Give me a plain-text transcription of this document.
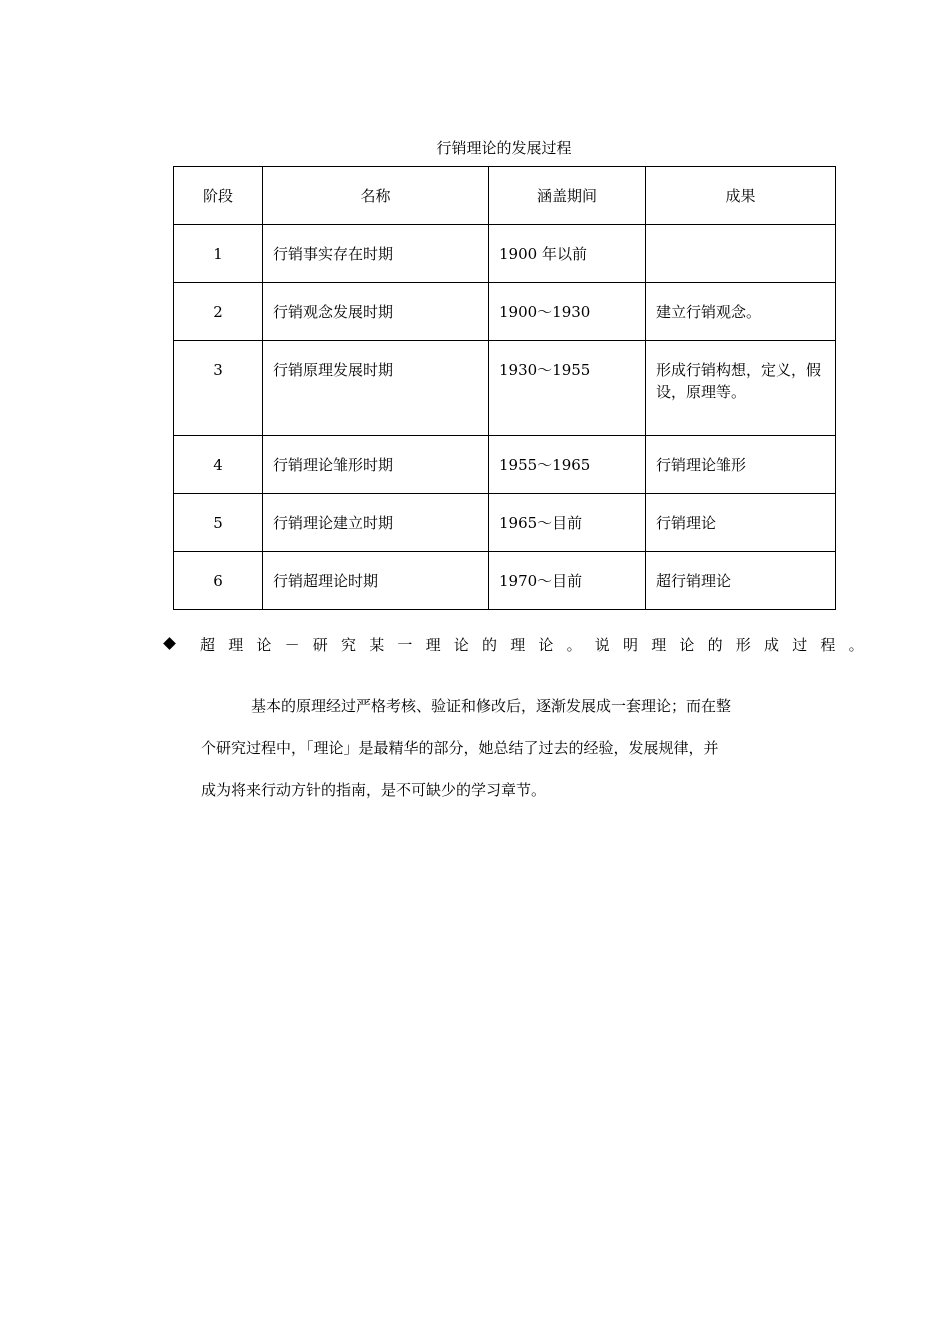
行销理论的发展过程
阶段	名称	涵盖期间	成果
1	行销事实存在时期	1900 年以前	
2	行销观念发展时期	1900～1930	建立行销观念。
3	行销原理发展时期	1930～1955	形成行销构想，定义，假设，原理等。
4	行销理论雏形时期	1955～1965	行销理论雏形
5	行销理论建立时期	1965～目前	行销理论
6	行销超理论时期	1970～目前	超行销理论
超理论－研究某一理论的理论。说明理论的形成过程。
基本的原理经过严格考核、验证和修改后，逐渐发展成一套理论；而在整
个研究过程中，「理论」是最精华的部分，她总结了过去的经验，发展规律，并
成为将来行动方针的指南，是不可缺少的学习章节。
